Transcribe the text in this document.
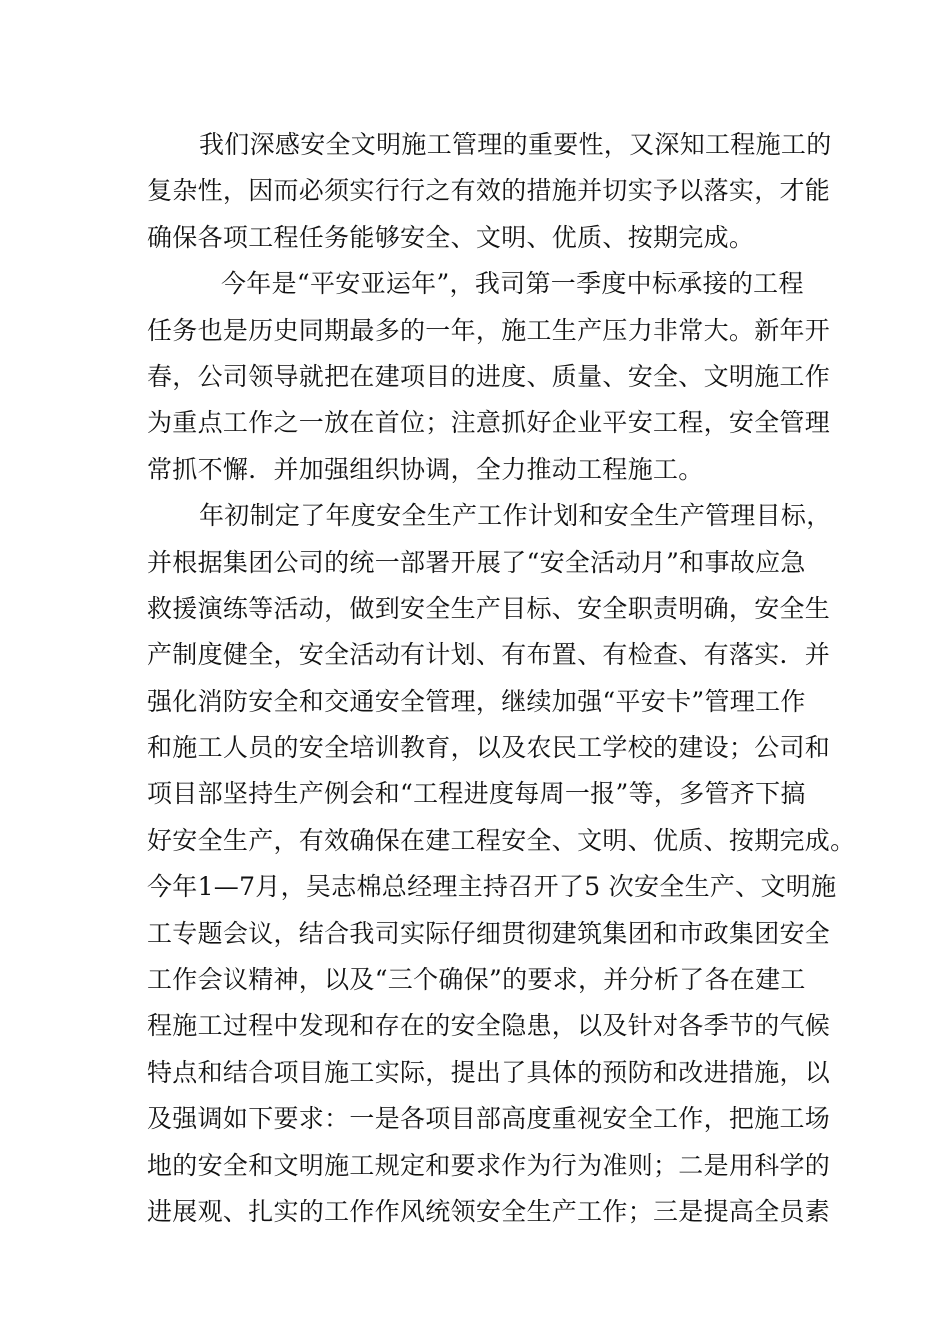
我们深感安全文明施工管理的重要性，又深知工程施工的
复杂性，因而必须实行行之有效的措施并切实予以落实，才能
确保各项工程任务能够安全、文明、优质、按期完成。
今年是“平安亚运年”，我司第一季度中标承接的工程
任务也是历史同期最多的一年，施工生产压力非常大。新年开
春，公司领导就把在建项目的进度、质量、安全、文明施工作
为重点工作之一放在首位；注意抓好企业平安工程，安全管理
常抓不懈．并加强组织协调，全力推动工程施工。
年初制定了年度安全生产工作计划和安全生产管理目标，
并根据集团公司的统一部署开展了“安全活动月”和事故应急
救援演练等活动，做到安全生产目标、安全职责明确，安全生
产制度健全，安全活动有计划、有布置、有检查、有落实．并
强化消防安全和交通安全管理，继续加强“平安卡”管理工作
和施工人员的安全培训教育，以及农民工学校的建设；公司和
项目部坚持生产例会和“工程进度每周一报”等，多管齐下搞
好安全生产，有效确保在建工程安全、文明、优质、按期完成。
今年1—7月，吴志棉总经理主持召开了5 次安全生产、文明施
工专题会议，结合我司实际仔细贯彻建筑集团和市政集团安全
工作会议精神，以及“三个确保”的要求，并分析了各在建工
程施工过程中发现和存在的安全隐患，以及针对各季节的气候
特点和结合项目施工实际，提出了具体的预防和改进措施，以
及强调如下要求：一是各项目部高度重视安全工作，把施工场
地的安全和文明施工规定和要求作为行为准则；二是用科学的
进展观、扎实的工作作风统领安全生产工作；三是提高全员素
